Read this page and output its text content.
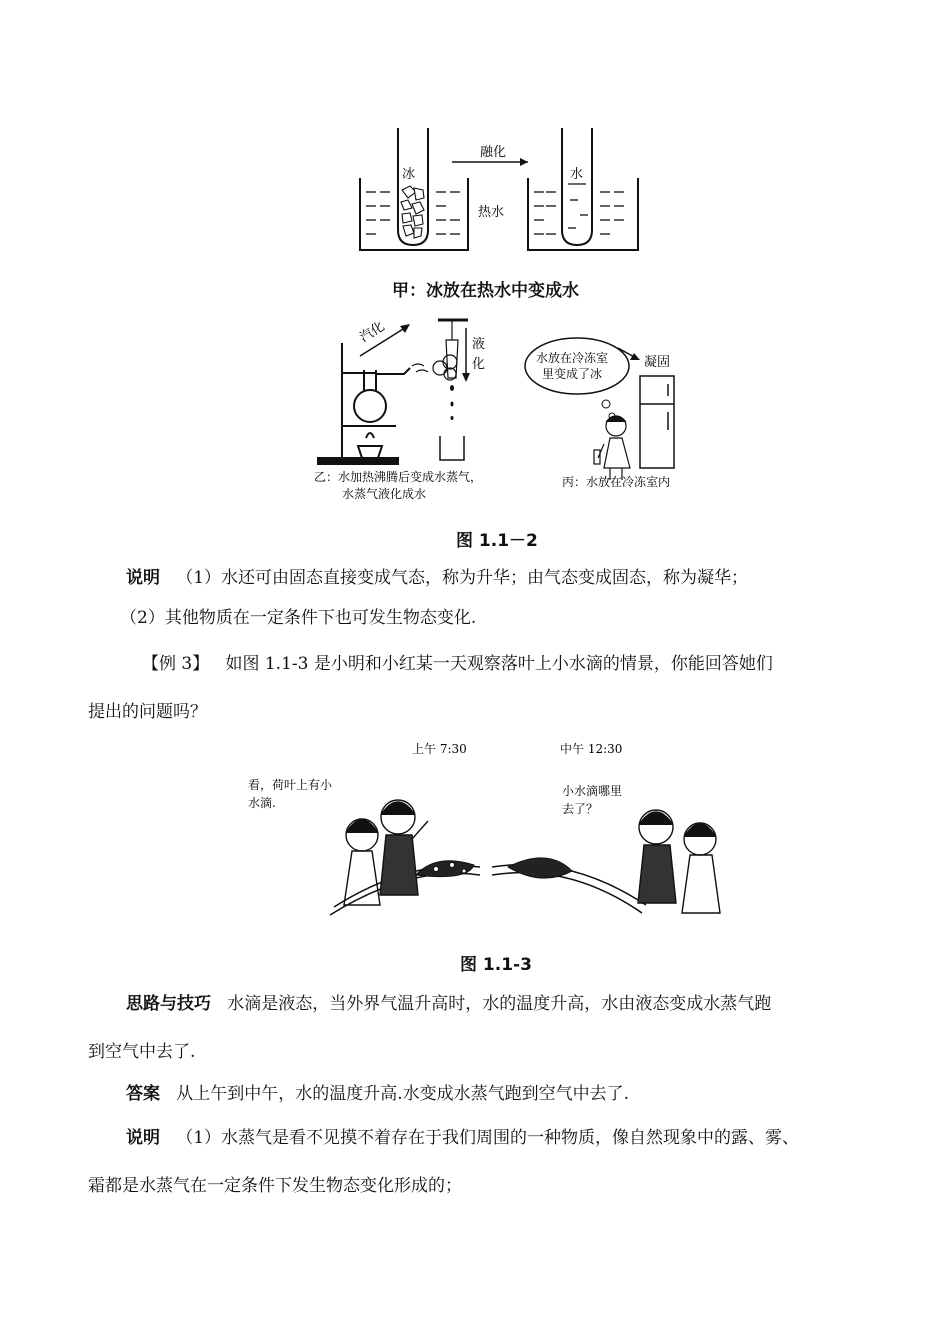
融化
冰	水
热水
甲：冰放在热水中变成水
汽化	液
化	水放在冷冻室
里变成了冰
凝固
乙：水加热沸腾后变成水蒸气，
水蒸气液化成水
丙：水放在冷冻室内
图 1.1－2
说明 （1）水还可由固态直接变成气态，称为升华；由气态变成固态，称为凝华；
（2）其他物质在一定条件下也可发生物态变化.
【例 3】 如图 1.1-3 是小明和小红某一天观察落叶上小水滴的情景，你能回答她们
提出的问题吗？
上午 7:30	中午 12:30
看，荷叶上有小
水滴.
小水滴哪里
去了？
图 1.1-3
思路与技巧 水滴是液态，当外界气温升高时，水的温度升高，水由液态变成水蒸气跑
到空气中去了.
答案 从上午到中午，水的温度升高.水变成水蒸气跑到空气中去了.
说明 （1）水蒸气是看不见摸不着存在于我们周围的一种物质，像自然现象中的露、雾、
霜都是水蒸气在一定条件下发生物态变化形成的；
